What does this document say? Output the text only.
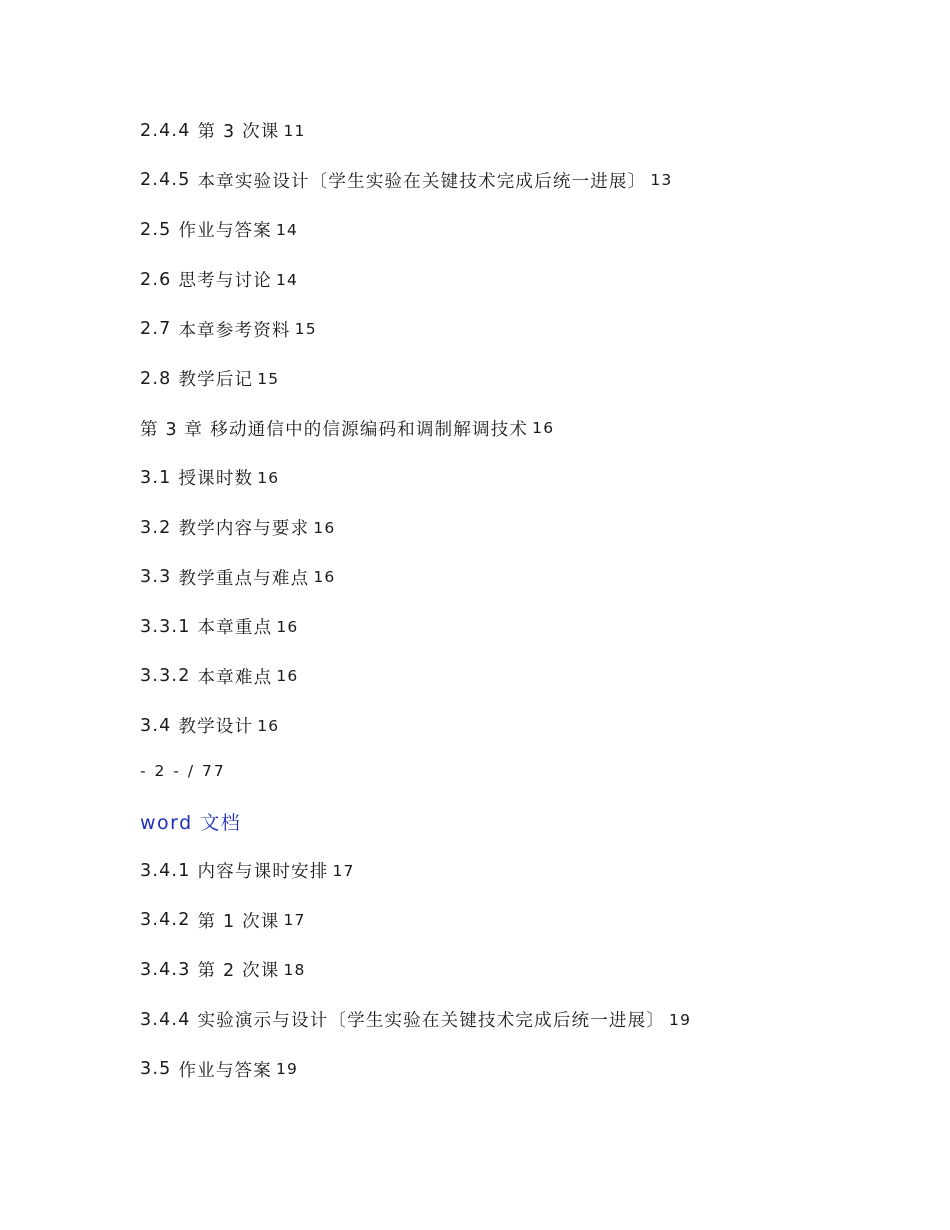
2.4.4 第 3 次课 11
2.4.5 本章实验设计〔学生实验在关键技术完成后统一进展〕 13
2.5 作业与答案 14
2.6 思考与讨论 14
2.7 本章参考资料 15
2.8 教学后记 15
第 3 章 移动通信中的信源编码和调制解调技术 16
3.1 授课时数 16
3.2 教学内容与要求 16
3.3 教学重点与难点 16
3.3.1 本章重点 16
3.3.2 本章难点 16
3.4 教学设计 16
- 2 - / 77
word 文档
3.4.1 内容与课时安排 17
3.4.2 第 1 次课 17
3.4.3 第 2 次课 18
3.4.4 实验演示与设计〔学生实验在关键技术完成后统一进展〕 19
3.5 作业与答案 19
